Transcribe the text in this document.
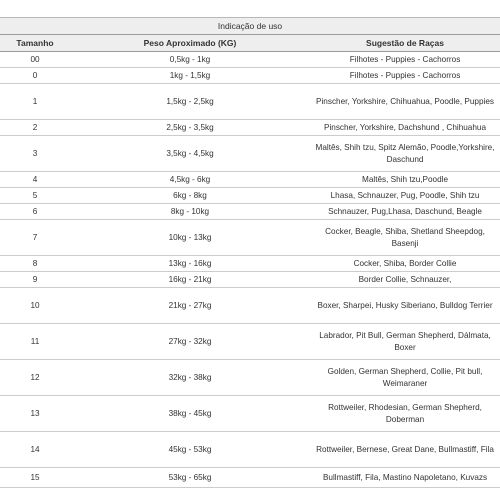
Indicação de uso		
Tamanho	Peso Aproximado (KG)	Sugestão de Raças
00	0,5kg - 1kg	Filhotes - Puppies - Cachorros
0	1kg - 1,5kg	Filhotes - Puppies - Cachorros
1	1,5kg - 2,5kg	Pinscher, Yorkshire, Chihuahua, Poodle, Puppies
2	2,5kg - 3,5kg	Pinscher, Yorkshire, Dachshund , Chihuahua
3	3,5kg - 4,5kg	Maltês, Shih tzu, Spitz Alemão, Poodle,Yorkshire, Daschund
4	4,5kg - 6kg	Maltês, Shih tzu,Poodle
5	6kg - 8kg	Lhasa, Schnauzer, Pug, Poodle, Shih tzu
6	8kg - 10kg	Schnauzer, Pug,Lhasa, Daschund, Beagle
7	10kg - 13kg	Cocker, Beagle, Shiba, Shetland Sheepdog, Basenji
8	13kg - 16kg	Cocker, Shiba, Border Collie
9	16kg - 21kg	Border Collie, Schnauzer,
10	21kg - 27kg	Boxer, Sharpei, Husky Siberiano, Bulldog Terrier
11	27kg - 32kg	Labrador, Pit Bull, German Shepherd, Dálmata, Boxer
12	32kg - 38kg	Golden, German Shepherd, Collie, Pit bull, Weimaraner
13	38kg - 45kg	Rottweiler, Rhodesian, German Shepherd, Doberman
14	45kg - 53kg	Rottweiler, Bernese, Great Dane, Bullmastiff, Fila
15	53kg - 65kg	Bullmastiff, Fila, Mastino Napoletano, Kuvazs
